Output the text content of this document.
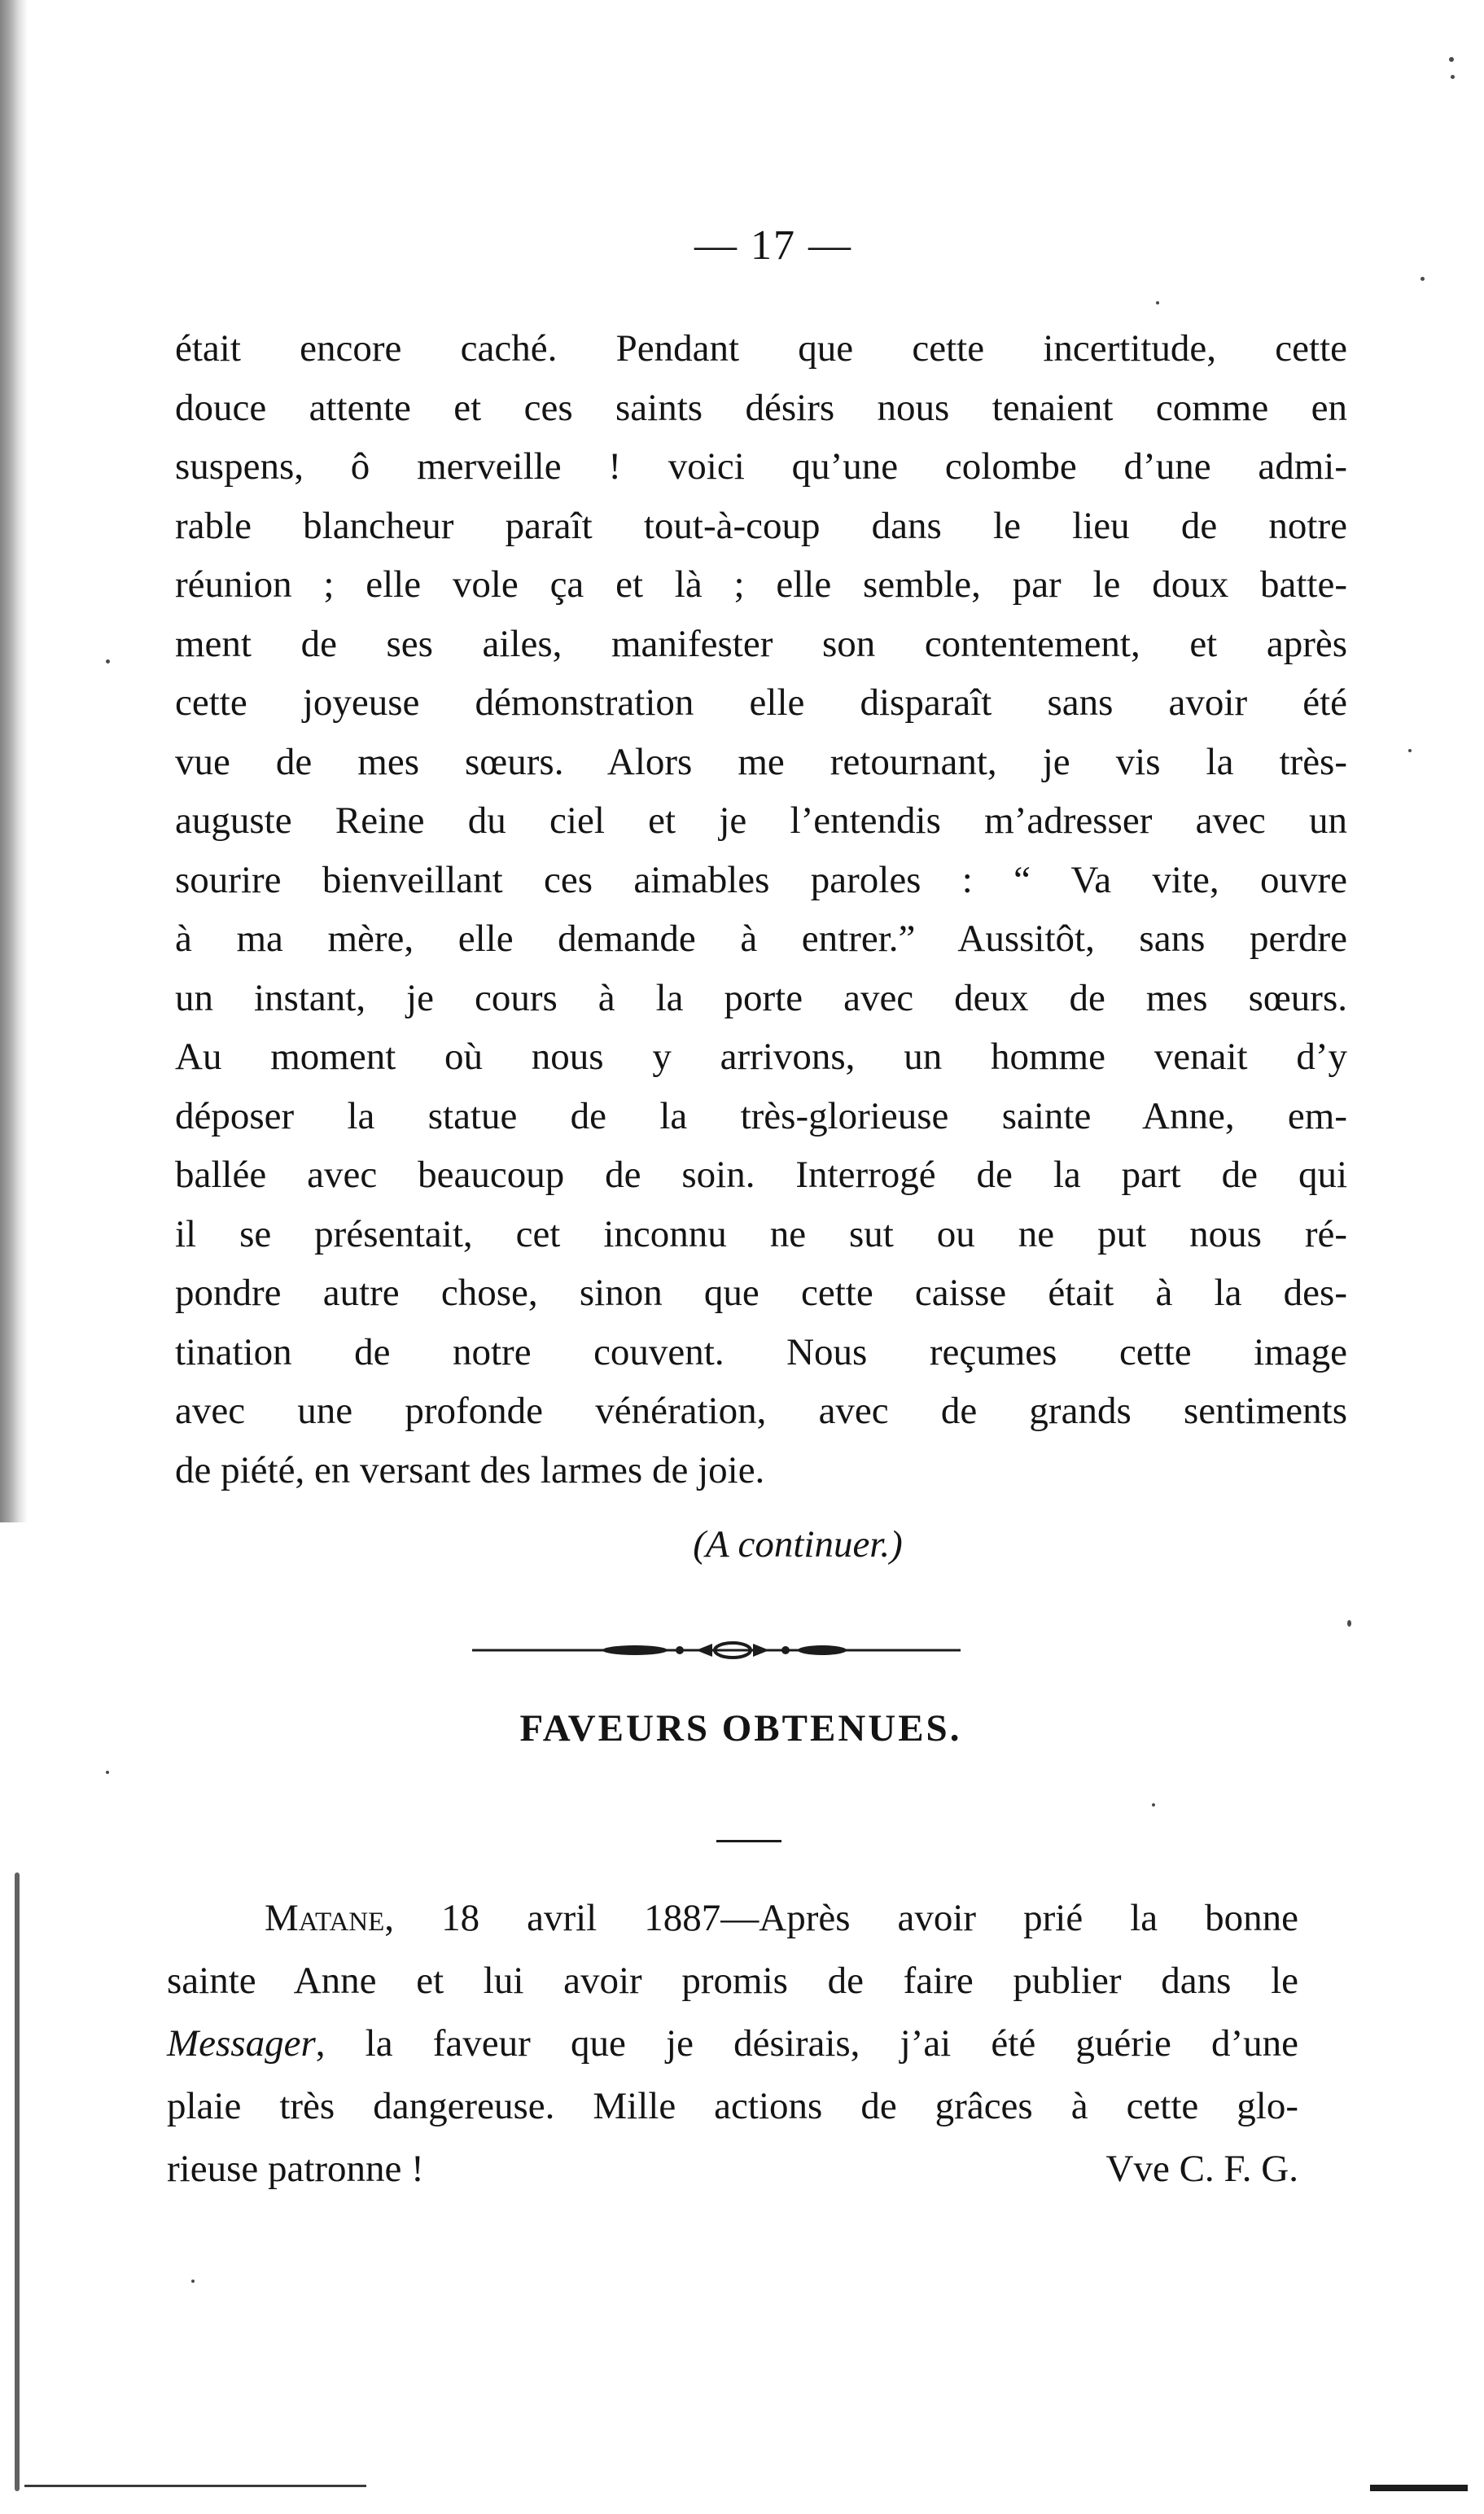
— 17 —
était encore caché. Pendant que cette incertitude, cette
douce attente et ces saints désirs nous tenaient comme en
suspens, ô merveille ! voici qu’une colombe d’une admi-
rable blancheur paraît tout-à-coup dans le lieu de notre
réunion ; elle vole ça et là ; elle semble, par le doux batte-
ment de ses ailes, manifester son contentement, et après
cette joyeuse démonstration elle disparaît sans avoir été
vue de mes sœurs. Alors me retournant, je vis la très-
auguste Reine du ciel et je l’entendis m’adresser avec un
sourire bienveillant ces aimables paroles : “ Va vite, ouvre
à ma mère, elle demande à entrer.” Aussitôt, sans perdre
un instant, je cours à la porte avec deux de mes sœurs.
Au moment où nous y arrivons, un homme venait d’y
déposer la statue de la très-glorieuse sainte Anne, em-
ballée avec beaucoup de soin. Interrogé de la part de qui
il se présentait, cet inconnu ne sut ou ne put nous ré-
pondre autre chose, sinon que cette caisse était à la des-
tination de notre couvent. Nous reçumes cette image
avec une profonde vénération, avec de grands sentiments
de piété, en versant des larmes de joie.
(A continuer.)
FAVEURS OBTENUES.
Matane, 18 avril 1887—Après avoir prié la bonne
sainte Anne et lui avoir promis de faire publier dans le
Messager, la faveur que je désirais, j’ai été guérie d’une
plaie très dangereuse. Mille actions de grâces à cette glo-
rieuse patronne !	Vve C. F. G.
